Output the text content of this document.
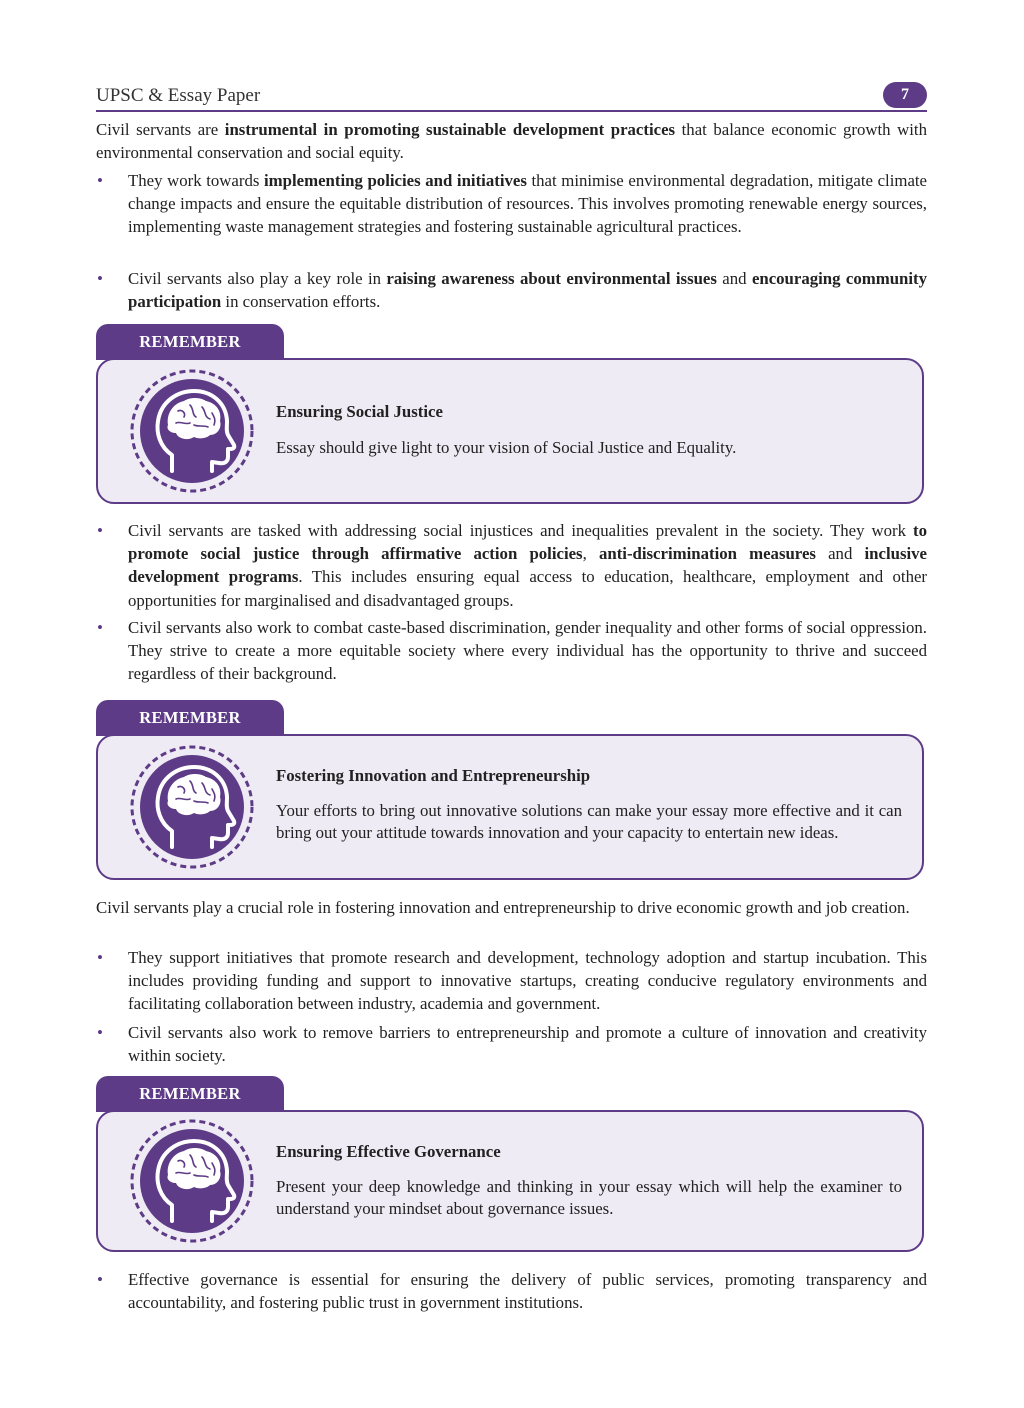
UPSC & Essay Paper	7

Civil servants are instrumental in promoting sustainable development practices that balance economic growth with environmental conservation and social equity.

• They work towards implementing policies and initiatives that minimise environmental degradation, mitigate climate change impacts and ensure the equitable distribution of resources. This involves promoting renewable energy sources, implementing waste management strategies and fostering sustainable agricultural practices.

• Civil servants also play a key role in raising awareness about environmental issues and encouraging community participation in conservation efforts.

REMEMBER
Ensuring Social Justice
Essay should give light to your vision of Social Justice and Equality.

• Civil servants are tasked with addressing social injustices and inequalities prevalent in the society. They work to promote social justice through affirmative action policies, anti-discrimination measures and inclusive development programs. This includes ensuring equal access to education, healthcare, employment and other opportunities for marginalised and disadvantaged groups.

• Civil servants also work to combat caste-based discrimination, gender inequality and other forms of social oppression. They strive to create a more equitable society where every individual has the opportunity to thrive and succeed regardless of their background.

REMEMBER
Fostering Innovation and Entrepreneurship
Your efforts to bring out innovative solutions can make your essay more effective and it can bring out your attitude towards innovation and your capacity to entertain new ideas.

Civil servants play a crucial role in fostering innovation and entrepreneurship to drive economic growth and job creation.

• They support initiatives that promote research and development, technology adoption and startup incubation. This includes providing funding and support to innovative startups, creating conducive regulatory environments and facilitating collaboration between industry, academia and government.

• Civil servants also work to remove barriers to entrepreneurship and promote a culture of innovation and creativity within society.

REMEMBER
Ensuring Effective Governance
Present your deep knowledge and thinking in your essay which will help the examiner to understand your mindset about governance issues.

• Effective governance is essential for ensuring the delivery of public services, promoting transparency and accountability, and fostering public trust in government institutions.
